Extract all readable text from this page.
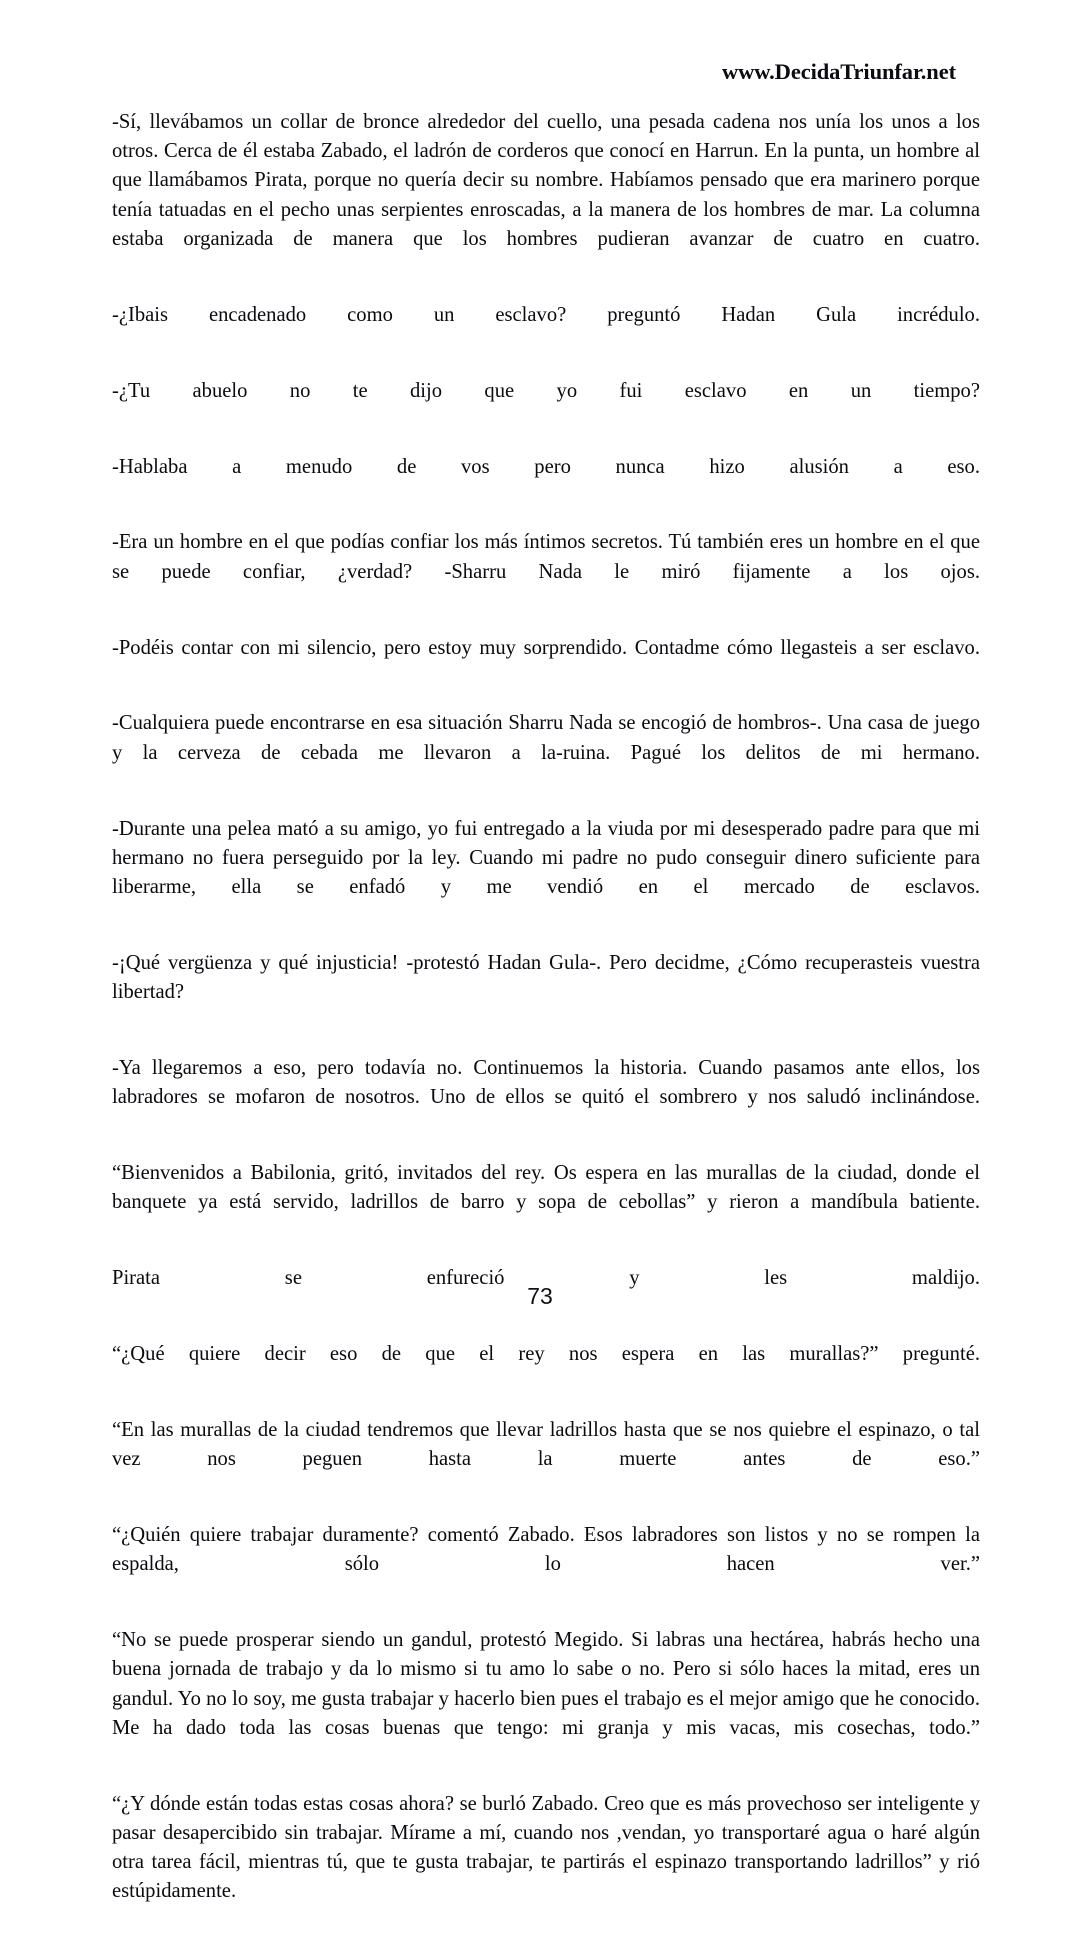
www.DecidaTriunfar.net

-Sí, llevábamos un collar de bronce alrededor del cuello, una pesada cadena nos unía los unos a los otros. Cerca de él estaba Zabado, el ladrón de corderos que conocí en Harrun. En la punta, un hombre al que llamábamos Pirata, porque no quería decir su nombre. Habíamos pensado que era marinero porque tenía tatuadas en el pecho unas serpientes enroscadas, a la manera de los hombres de mar. La columna estaba organizada de manera que los hombres pudieran avanzar de cuatro en cuatro.

-¿Ibais encadenado como un esclavo? preguntó Hadan Gula incrédulo.

-¿Tu abuelo no te dijo que yo fui esclavo en un tiempo?

-Hablaba a menudo de vos pero nunca hizo alusión a eso.

-Era un hombre en el que podías confiar los más íntimos secretos. Tú también eres un hombre en el que se puede confiar, ¿verdad? -Sharru Nada le miró fijamente a los ojos.

-Podéis contar con mi silencio, pero estoy muy sorprendido. Contadme cómo llegasteis a ser esclavo.

-Cualquiera puede encontrarse en esa situación Sharru Nada se encogió de hombros-. Una casa de juego y la cerveza de cebada me llevaron a la-ruina. Pagué los delitos de mi hermano.

-Durante una pelea mató a su amigo, yo fui entregado a la viuda por mi desesperado padre para que mi hermano no fuera perseguido por la ley. Cuando mi padre no pudo conseguir dinero suficiente para liberarme, ella se enfadó y me vendió en el mercado de esclavos.

-¡Qué vergüenza y qué injusticia! -protestó Hadan Gula-. Pero decidme, ¿Cómo recuperasteis vuestra libertad?

-Ya llegaremos a eso, pero todavía no. Continuemos la historia. Cuando pasamos ante ellos, los labradores se mofaron de nosotros. Uno de ellos se quitó el sombrero y nos saludó inclinándose.

“Bienvenidos a Babilonia, gritó, invitados del rey. Os espera en las murallas de la ciudad, donde el banquete ya está servido, ladrillos de barro y sopa de cebollas” y rieron a mandíbula batiente.

Pirata se enfureció y les maldijo.

“¿Qué quiere decir eso de que el rey nos espera en las murallas?” pregunté.

“En las murallas de la ciudad tendremos que llevar ladrillos hasta que se nos quiebre el espinazo, o tal vez nos peguen hasta la muerte antes de eso.”

“¿Quién quiere trabajar duramente? comentó Zabado. Esos labradores son listos y no se rompen la espalda, sólo lo hacen ver.”

“No se puede prosperar siendo un gandul, protestó Megido. Si labras una hectárea, habrás hecho una buena jornada de trabajo y da lo mismo si tu amo lo sabe o no. Pero si sólo haces la mitad, eres un gandul. Yo no lo soy, me gusta trabajar y hacerlo bien pues el trabajo es el mejor amigo que he conocido. Me ha dado toda las cosas buenas que tengo: mi granja y mis vacas, mis cosechas, todo.”

“¿Y dónde están todas estas cosas ahora? se burló Zabado. Creo que es más provechoso ser inteligente y pasar desapercibido sin trabajar. Mírame a mí, cuando nos ,vendan, yo transportaré agua o haré algún otra tarea fácil, mientras tú, que te gusta trabajar, te partirás el espinazo transportando ladrillos” y rió estúpidamente.

73
